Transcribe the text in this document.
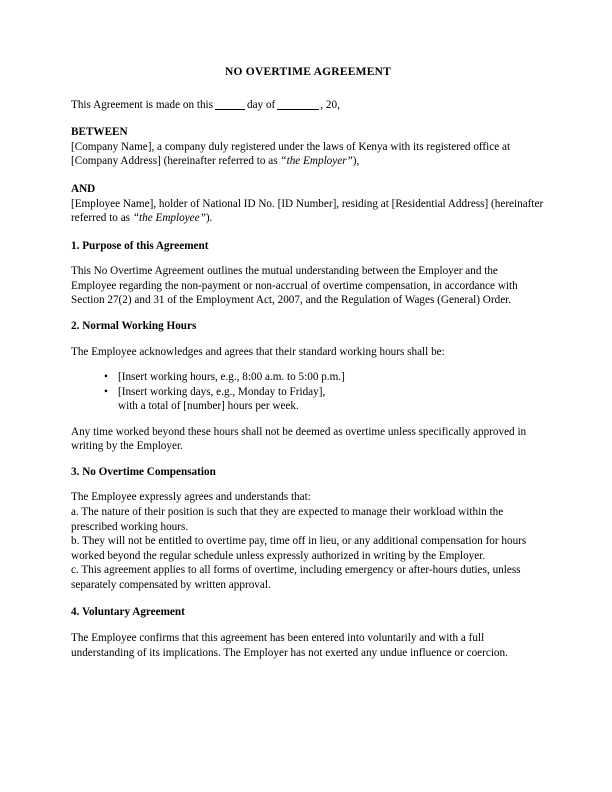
NO OVERTIME AGREEMENT

This Agreement is made on this	day of	, 20,

BETWEEN
[Company Name], a company duly registered under the laws of Kenya with its registered office at [Company Address] (hereinafter referred to as “the Employer”),
AND
[Employee Name], holder of National ID No. [ID Number], residing at [Residential Address] (hereinafter referred to as “the Employee”).
1. Purpose of this Agreement

This No Overtime Agreement outlines the mutual understanding between the Employer and the Employee regarding the non-payment or non-accrual of overtime compensation, in accordance with Section 27(2) and 31 of the Employment Act, 2007, and the Regulation of Wages (General) Order.

2. Normal Working Hours

The Employee acknowledges and agrees that their standard working hours shall be:

• [Insert working hours, e.g., 8:00 a.m. to 5:00 p.m.]
• [Insert working days, e.g., Monday to Friday],
with a total of [number] hours per week.

Any time worked beyond these hours shall not be deemed as overtime unless specifically approved in writing by the Employer.

3. No Overtime Compensation
The Employee expressly agrees and understands that:
a. The nature of their position is such that they are expected to manage their workload within the prescribed working hours.
b. They will not be entitled to overtime pay, time off in lieu, or any additional compensation for hours worked beyond the regular schedule unless expressly authorized in writing by the Employer.
c. This agreement applies to all forms of overtime, including emergency or after-hours duties, unless separately compensated by written approval.
4. Voluntary Agreement

The Employee confirms that this agreement has been entered into voluntarily and with a full understanding of its implications. The Employer has not exerted any undue influence or coercion.
